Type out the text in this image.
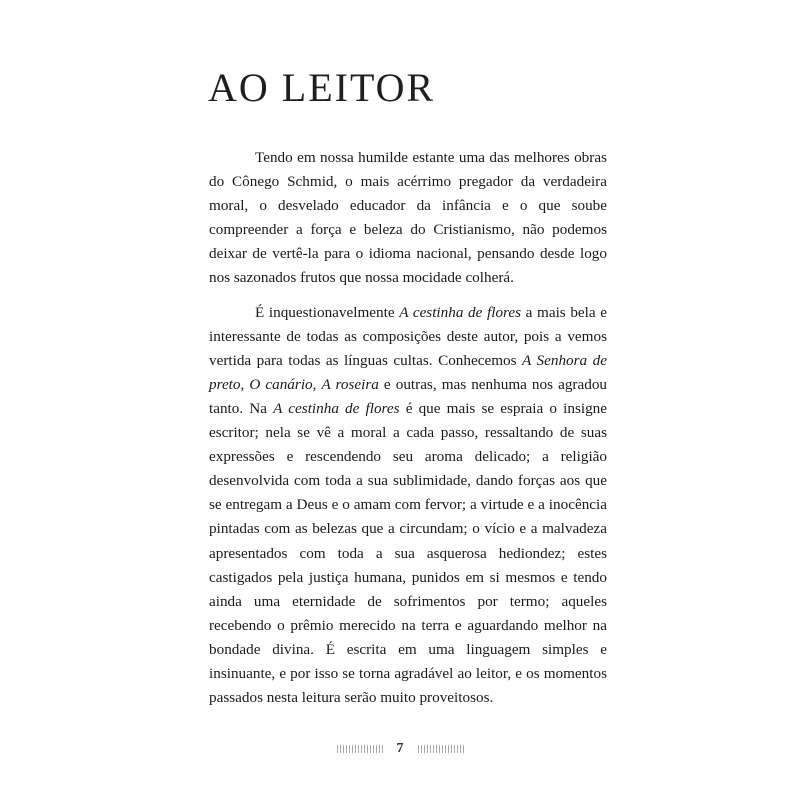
AO LEITOR

Tendo em nossa humilde estante uma das melhores obras do Cônego Schmid, o mais acérrimo pregador da verdadeira moral, o desvelado educador da infância e o que soube compreender a força e beleza do Cristianismo, não podemos deixar de vertê-la para o idioma nacional, pensando desde logo nos sazonados frutos que nossa mocidade colherá.

É inquestionavelmente A cestinha de flores a mais bela e interessante de todas as composições deste autor, pois a vemos vertida para todas as línguas cultas. Conhecemos A Senhora de preto, O canário, A roseira e outras, mas nenhuma nos agradou tanto. Na A cestinha de flores é que mais se espraia o insigne escritor; nela se vê a moral a cada passo, ressaltando de suas expressões e rescendendo seu aroma delicado; a religião desenvolvida com toda a sua sublimidade, dando forças aos que se entregam a Deus e o amam com fervor; a virtude e a inocência pintadas com as belezas que a circundam; o vício e a malvadeza apresentados com toda a sua asquerosa hediondez; estes castigados pela justiça humana, punidos em si mesmos e tendo ainda uma eternidade de sofrimentos por termo; aqueles recebendo o prêmio merecido na terra e aguardando melhor na bondade divina. É escrita em uma linguagem simples e insinuante, e por isso se torna agradável ao leitor, e os momentos passados nesta leitura serão muito proveitosos.

7
